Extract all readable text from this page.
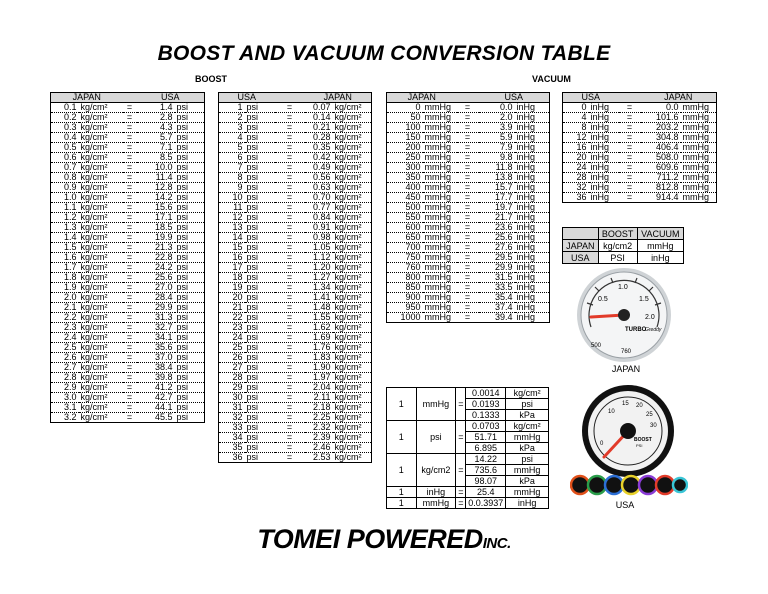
BOOST AND VACUUM CONVERSION TABLE
BOOST	VACUUM
JAPAN			USA	
0.1	kg/cm²	=	1.4	psi
0.2	kg/cm²	=	2.8	psi
0.3	kg/cm²	=	4.3	psi
0.4	kg/cm²	=	5.7	psi
0.5	kg/cm²	=	7.1	psi
0.6	kg/cm²	=	8.5	psi
0.7	kg/cm²	=	10.0	psi
0.8	kg/cm²	=	11.4	psi
0.9	kg/cm²	=	12.8	psi
1.0	kg/cm²	=	14.2	psi
1.1	kg/cm²	=	15.6	psi
1.2	kg/cm²	=	17.1	psi
1.3	kg/cm²	=	18.5	psi
1.4	kg/cm²	=	19.9	psi
1.5	kg/cm²	=	21.3	psi
1.6	kg/cm²	=	22.8	psi
1.7	kg/cm²	=	24.2	psi
1.8	kg/cm²	=	25.6	psi
1.9	kg/cm²	=	27.0	psi
2.0	kg/cm²	=	28.4	psi
2.1	kg/cm²	=	29.9	psi
2.2	kg/cm²	=	31.3	psi
2.3	kg/cm²	=	32.7	psi
2.4	kg/cm²	=	34.1	psi
2.5	kg/cm²	=	35.6	psi
2.6	kg/cm²	=	37.0	psi
2.7	kg/cm²	=	38.4	psi
2.8	kg/cm²	=	39.8	psi
2.9	kg/cm²	=	41.2	psi
3.0	kg/cm²	=	42.7	psi
3.1	kg/cm²	=	44.1	psi
3.2	kg/cm²	=	45.5	psi
USA			JAPAN	
1	psi	=	0.07	kg/cm²
2	psi	=	0.14	kg/cm²
3	psi	=	0.21	kg/cm²
4	psi	=	0.28	kg/cm²
5	psi	=	0.35	kg/cm²
6	psi	=	0.42	kg/cm²
7	psi	=	0.49	kg/cm²
8	psi	=	0.56	kg/cm²
9	psi	=	0.63	kg/cm²
10	psi	=	0.70	kg/cm²
11	psi	=	0.77	kg/cm²
12	psi	=	0.84	kg/cm²
13	psi	=	0.91	kg/cm²
14	psi	=	0.98	kg/cm²
15	psi	=	1.05	kg/cm²
16	psi	=	1.12	kg/cm²
17	psi	=	1.20	kg/cm²
18	psi	=	1.27	kg/cm²
19	psi	=	1.34	kg/cm²
20	psi	=	1.41	kg/cm²
21	psi	=	1.48	kg/cm²
22	psi	=	1.55	kg/cm²
23	psi	=	1.62	kg/cm²
24	psi	=	1.69	kg/cm²
25	psi	=	1.76	kg/cm²
26	psi	=	1.83	kg/cm²
27	psi	=	1.90	kg/cm²
28	psi	=	1.97	kg/cm²
29	psi	=	2.04	kg/cm²
30	psi	=	2.11	kg/cm²
31	psi	=	2.18	kg/cm²
32	psi	=	2.25	kg/cm²
33	psi	=	2.32	kg/cm²
34	psi	=	2.39	kg/cm²
35	psi	=	2.46	kg/cm²
36	psi	=	2.53	kg/cm²
JAPAN			USA	
0	mmHg	=	0.0	inHg
50	mmHg	=	2.0	inHg
100	mmHg	=	3.9	inHg
150	mmHg	=	5.9	inHg
200	mmHg	=	7.9	inHg
250	mmHg	=	9.8	inHg
300	mmHg	=	11.8	inHg
350	mmHg	=	13.8	inHg
400	mmHg	=	15.7	inHg
450	mmHg	=	17.7	inHg
500	mmHg	=	19.7	inHg
550	mmHg	=	21.7	inHg
600	mmHg	=	23.6	inHg
650	mmHg	=	25.6	inHg
700	mmHg	=	27.6	inHg
750	mmHg	=	29.5	inHg
760	mmHg	=	29.9	inHg
800	mmHg	=	31.5	inHg
850	mmHg	=	33.5	inHg
900	mmHg	=	35.4	inHg
950	mmHg	=	37.4	inHg
1000	mmHg	=	39.4	inHg
USA			JAPAN	
0	inHg	=	0.0	mmHg
4	inHg	=	101.6	mmHg
8	inHg	=	203.2	mmHg
12	inHg	=	304.8	mmHg
16	inHg	=	406.4	mmHg
20	inHg	=	508.0	mmHg
24	inHg	=	609.6	mmHg
28	inHg	=	711.2	mmHg
32	inHg	=	812.8	mmHg
36	inHg	=	914.4	mmHg
	BOOST	VACUUM
JAPAN	kg/cm2	mmHg
USA	PSI	inHg
0.5
1.0
1.5
2.0
500
760
TURBO
Greddy
JAPAN
10
15 20
25
30
0
BOOST
PSI
USA
1	mmHg	=	0.0014	kg/cm²
			0.0193	psi
			0.1333	kPa
1	psi	=	0.0703	kg/cm²
			51.71	mmHg
			6.895	kPa
1	kg/cm2	=	14.22	psi
			735.6	mmHg
			98.07	kPa
1	inHg	=	25.4	mmHg
1	mmHg	=	0.0.3937	inHg
TOMEI POWEREDINC.
